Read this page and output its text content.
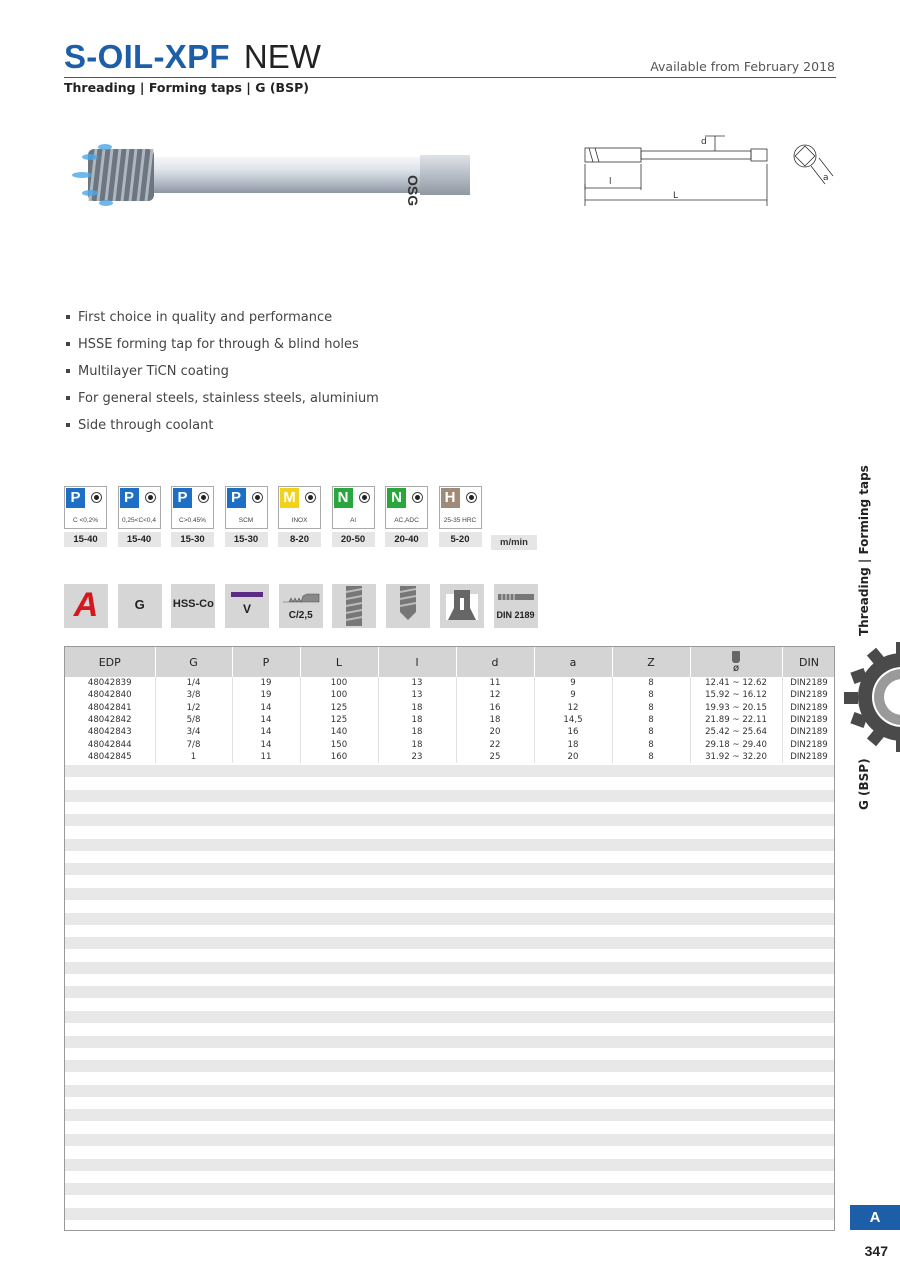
S-OIL-XPF NEW	Available from February 2018
Threading | Forming taps | G (BSP)
OSG
d
l
L
a
First choice in quality and performance
HSSE forming tap for through & blind holes
Multilayer TiCN coating
For general steels, stainless steels, aluminium
Side through coolant
P
C <0,2%
15-40
P
0,25<C<0,4
15-40
P
C>0.45%
15-30
P
SCM
15-30
M
INOX
8-20
N
Al
20-50
N
AC,ADC
20-40
H
25-35 HRC
5-20	m/min
A	G	HSS-Co	V	C/2,5	DIN 2189
EDP	G	P	L	l	d	a	Z	ø	DIN
48042839	1/4	19	100	13	11	9	8	12.41 ~ 12.62	DIN2189
48042840	3/8	19	100	13	12	9	8	15.92 ~ 16.12	DIN2189
48042841	1/2	14	125	18	16	12	8	19.93 ~ 20.15	DIN2189
48042842	5/8	14	125	18	18	14,5	8	21.89 ~ 22.11	DIN2189
48042843	3/4	14	140	18	20	16	8	25.42 ~ 25.64	DIN2189
48042844	7/8	14	150	18	22	18	8	29.18 ~ 29.40	DIN2189
48042845	1	11	160	23	25	20	8	31.92 ~ 32.20	DIN2189
Threading | Forming taps
G (BSP)
A
347
